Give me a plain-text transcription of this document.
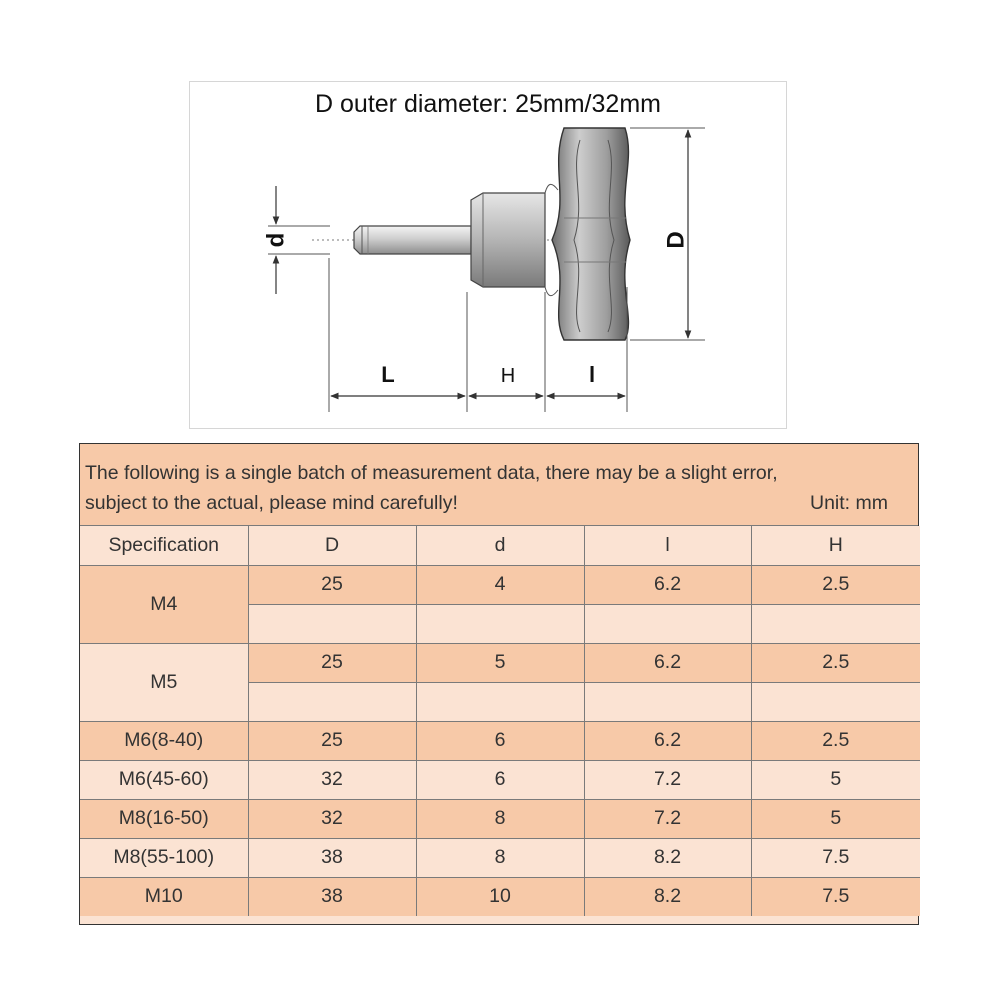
d	D
L	H	l
D outer diameter: 25mm/32mm
The following is a single batch of measurement data, there may be a slight error,
subject to the actual, please mind carefully!	Unit: mm
Specification	D	d	l	H
M4	25	4	6.2	2.5

M5	25	5	6.2	2.5

M6(8-40)	25	6	6.2	2.5
M6(45-60)	32	6	7.2	5
M8(16-50)	32	8	7.2	5
M8(55-100)	38	8	8.2	7.5
M10	38	10	8.2	7.5
